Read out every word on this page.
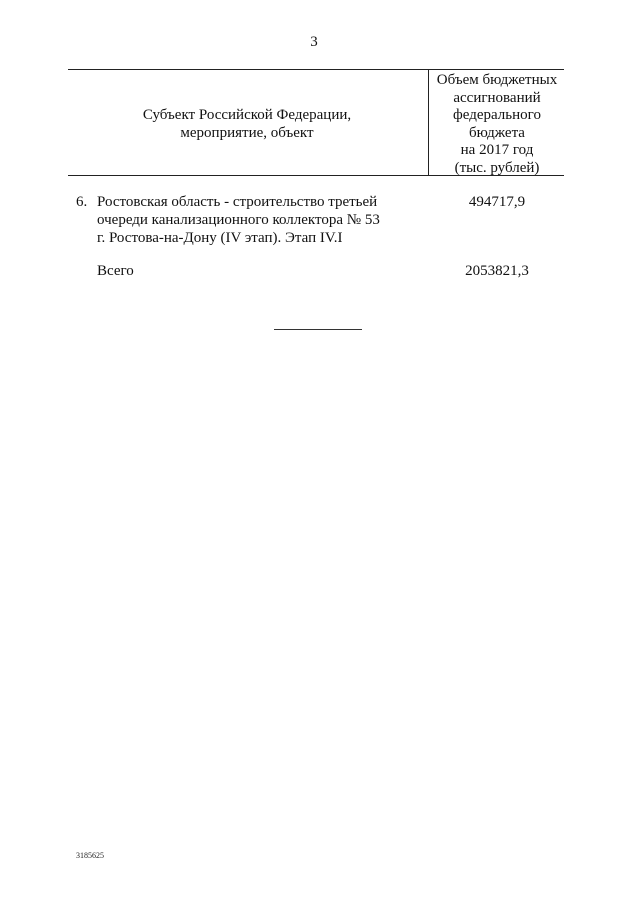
3
Субъект Российской Федерации,
мероприятие, объект
Объем бюджетных
ассигнований
федерального
бюджета
на 2017 год
(тыс. рублей)
6. Ростовская область - строительство третьей
очереди канализационного коллектора № 53
г. Ростова-на-Дону (IV этап). Этап IV.I
494717,9
Всего	2053821,3
3185625
